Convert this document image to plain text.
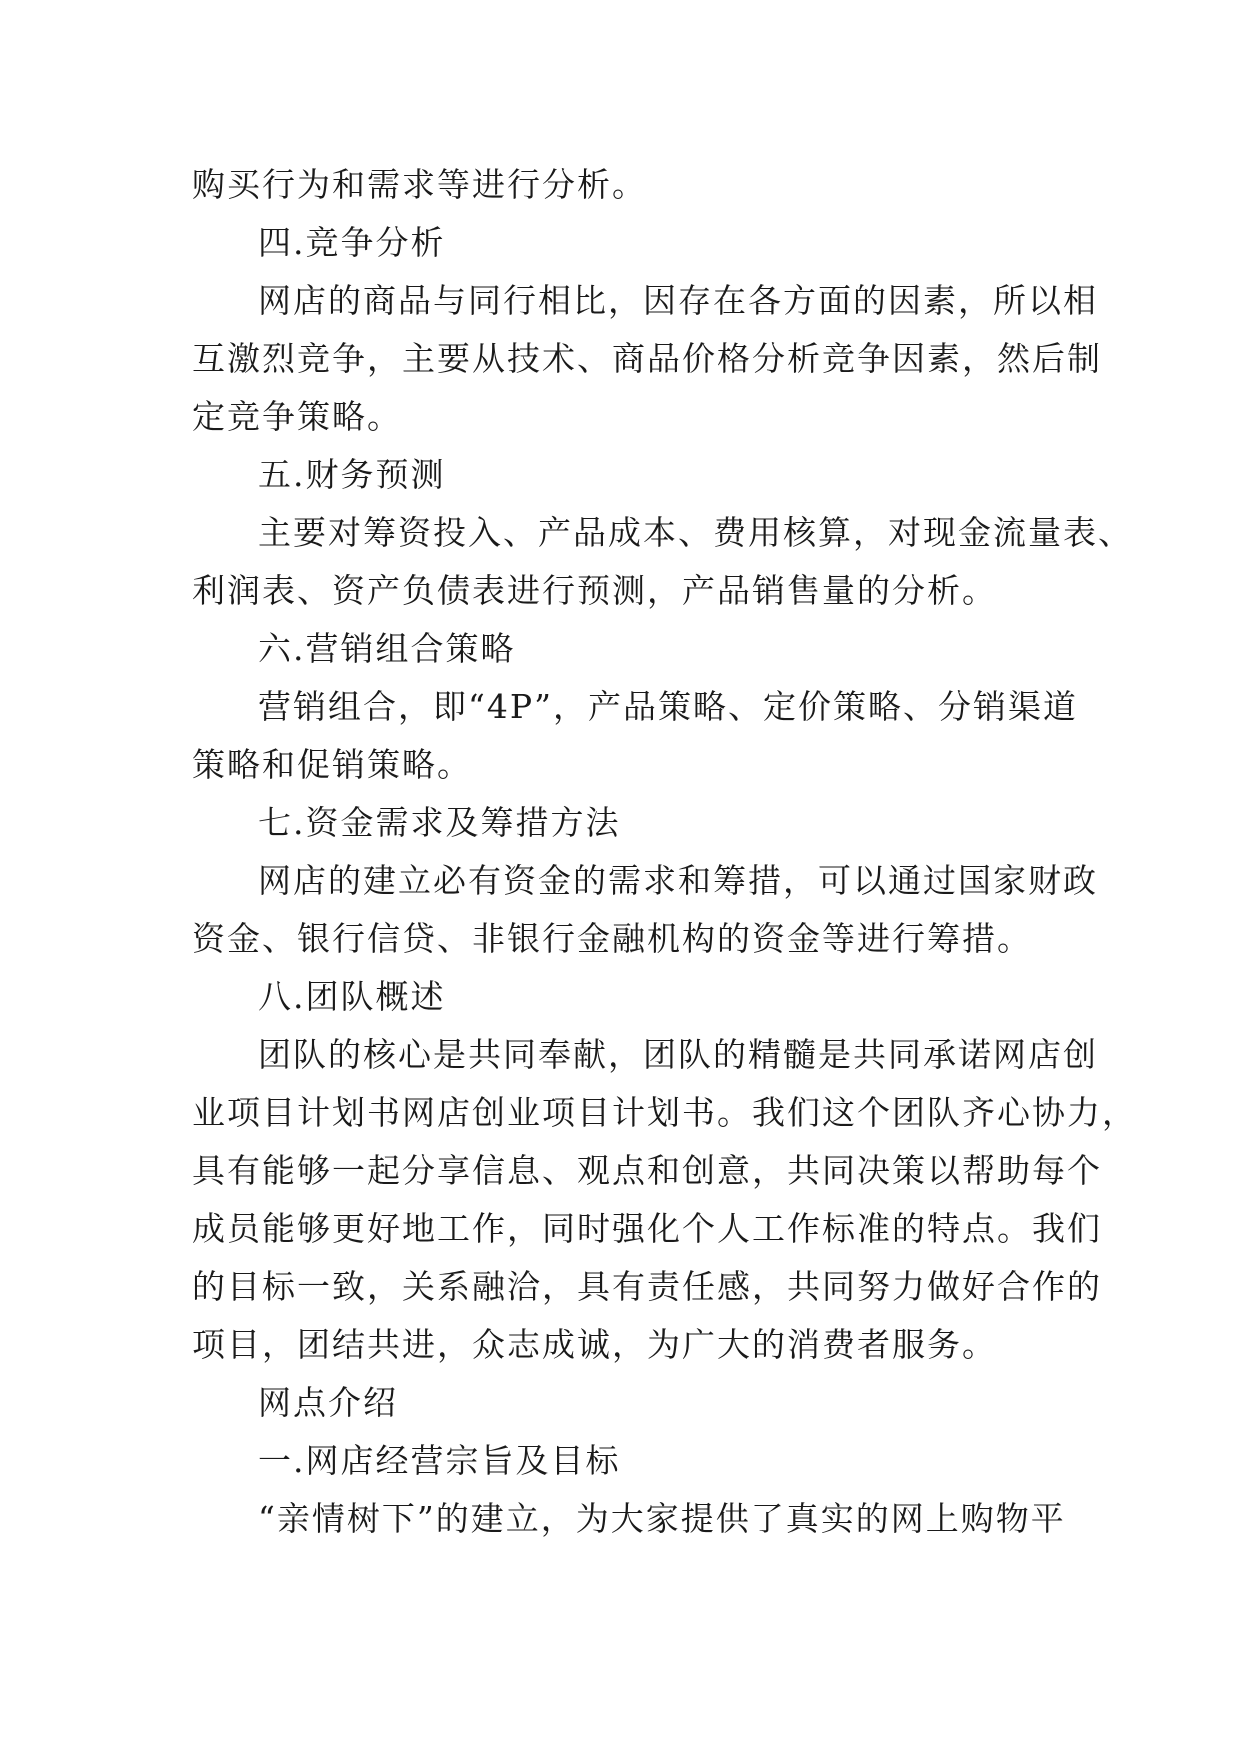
购买行为和需求等进行分析。
四.竞争分析
网店的商品与同行相比，因存在各方面的因素，所以相
互激烈竞争，主要从技术、商品价格分析竞争因素，然后制
定竞争策略。
五.财务预测
主要对筹资投入、产品成本、费用核算，对现金流量表、
利润表、资产负债表进行预测，产品销售量的分析。
六.营销组合策略
营销组合，即“4P”，产品策略、定价策略、分销渠道
策略和促销策略。
七.资金需求及筹措方法
网店的建立必有资金的需求和筹措，可以通过国家财政
资金、银行信贷、非银行金融机构的资金等进行筹措。
八.团队概述
团队的核心是共同奉献，团队的精髓是共同承诺网店创
业项目计划书网店创业项目计划书。我们这个团队齐心协力，
具有能够一起分享信息、观点和创意，共同决策以帮助每个
成员能够更好地工作，同时强化个人工作标准的特点。我们
的目标一致，关系融洽，具有责任感，共同努力做好合作的
项目，团结共进，众志成诚，为广大的消费者服务。
网点介绍
一.网店经营宗旨及目标
“亲情树下”的建立，为大家提供了真实的网上购物平
